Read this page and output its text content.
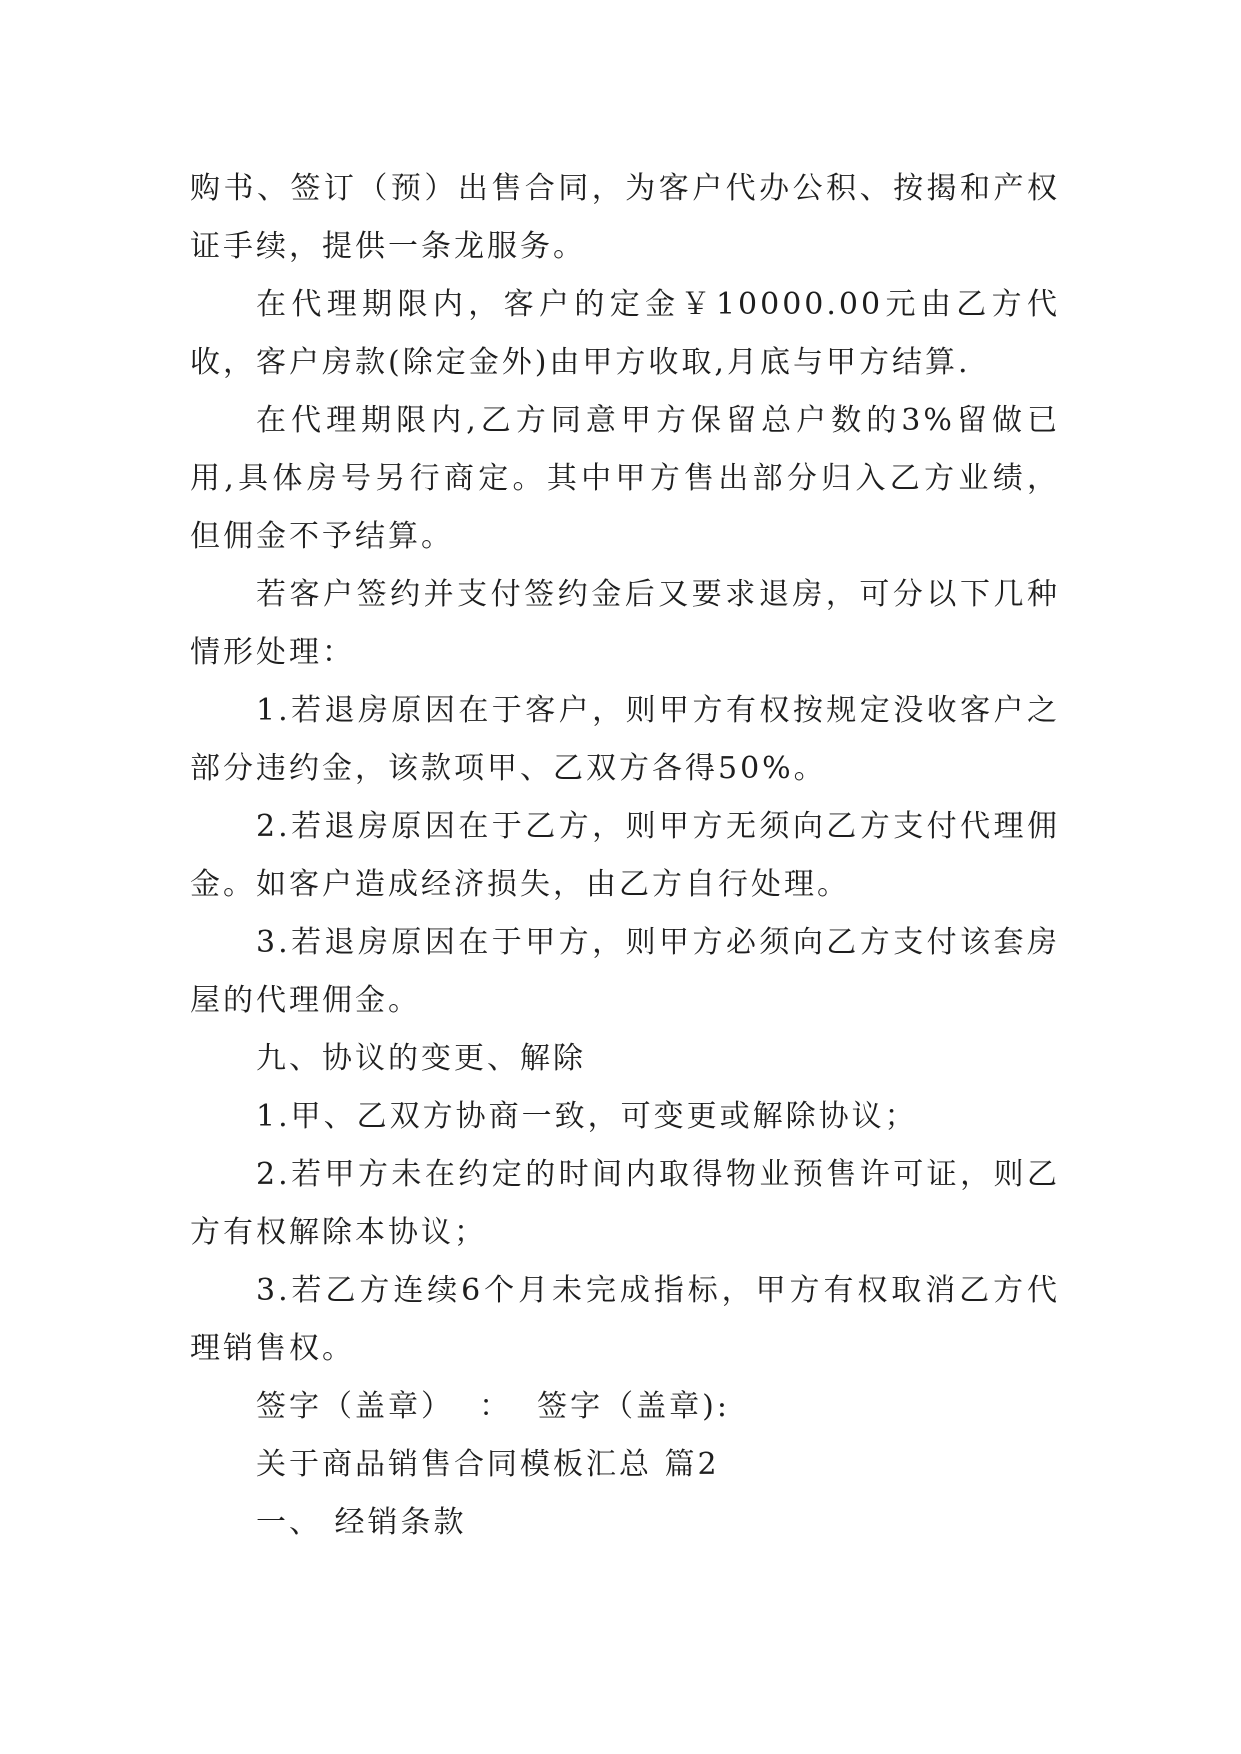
购书、签订（预）出售合同，为客户代办公积、按揭和产权证手续，提供一条龙服务。

在代理期限内，客户的定金￥10000.00元由乙方代收，客户房款(除定金外)由甲方收取,月底与甲方结算.

在代理期限内,乙方同意甲方保留总户数的3%留做已用,具体房号另行商定。其中甲方售出部分归入乙方业绩，但佣金不予结算。

若客户签约并支付签约金后又要求退房，可分以下几种情形处理：

1.若退房原因在于客户，则甲方有权按规定没收客户之部分违约金，该款项甲、乙双方各得50%。

2.若退房原因在于乙方，则甲方无须向乙方支付代理佣金。如客户造成经济损失，由乙方自行处理。

3.若退房原因在于甲方，则甲方必须向乙方支付该套房屋的代理佣金。

九、协议的变更、解除

1.甲、乙双方协商一致，可变更或解除协议；

2.若甲方未在约定的时间内取得物业预售许可证，则乙方有权解除本协议；

3.若乙方连续6个月未完成指标，甲方有权取消乙方代理销售权。

签字（盖章）  ：  签字（盖章):

关于商品销售合同模板汇总 篇2

一、 经销条款
